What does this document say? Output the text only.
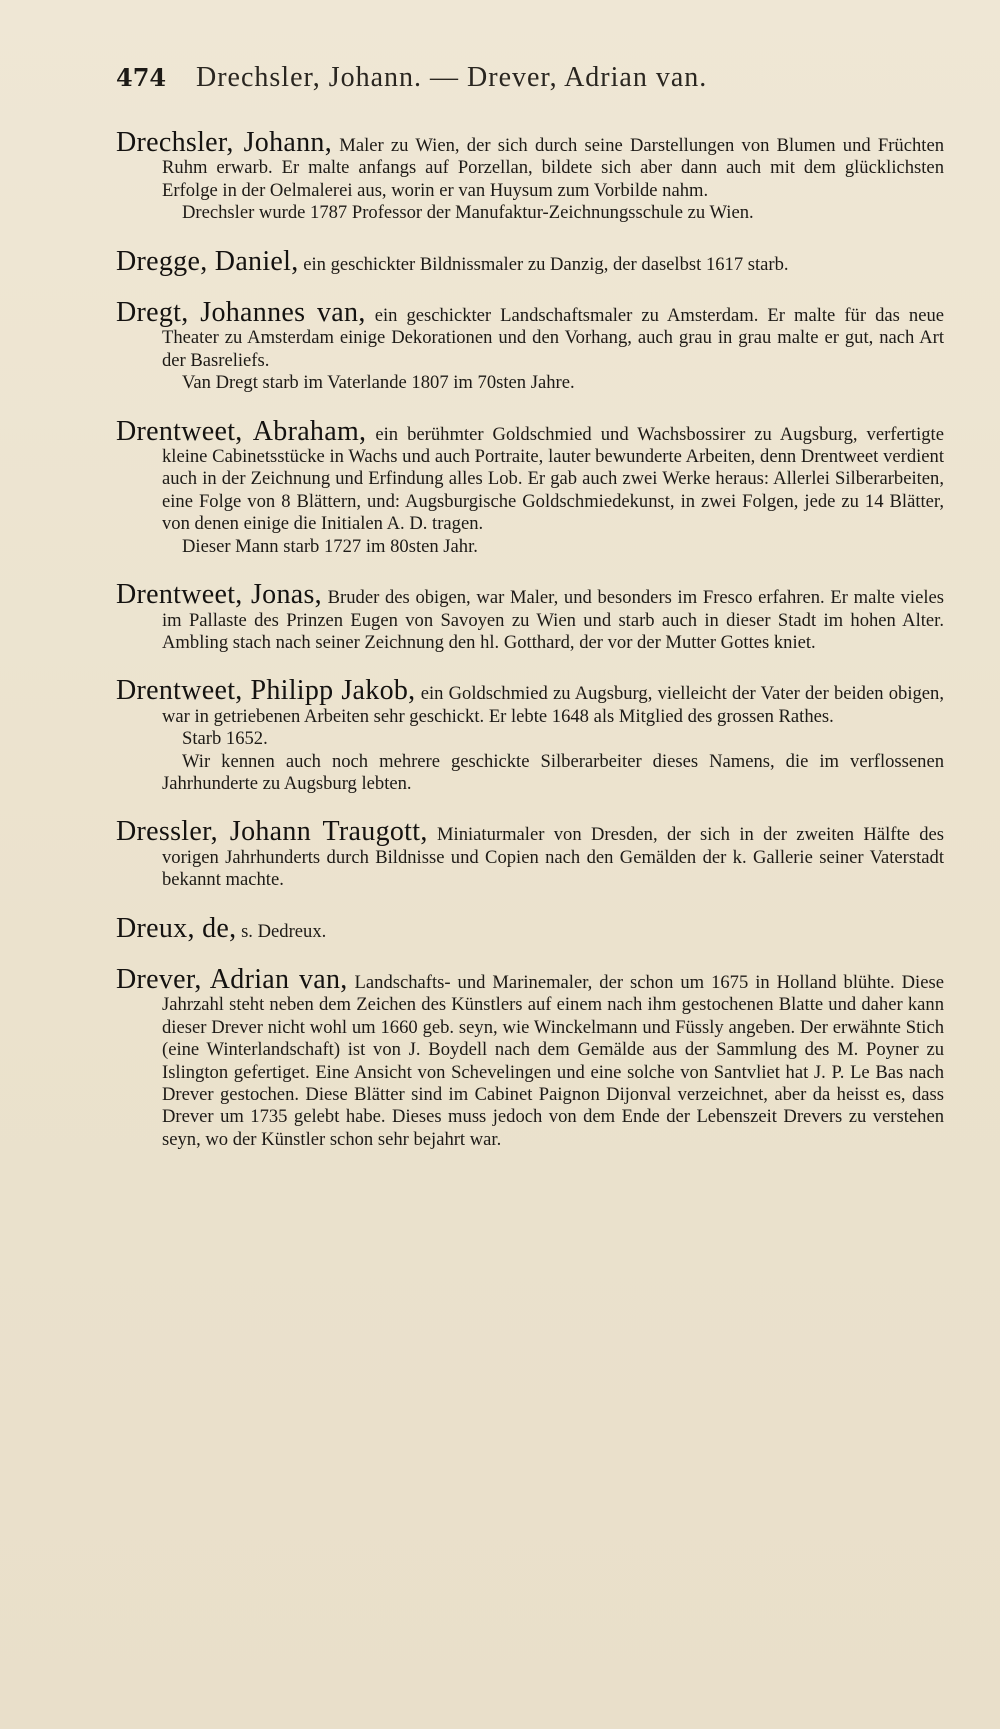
474	Drechsler, Johann. — Drever, Adrian van.

Drechsler, Johann, Maler zu Wien, der sich durch seine Darstellungen von Blumen und Früchten Ruhm erwarb. Er malte anfangs auf Porzellan, bildete sich aber dann auch mit dem glücklichsten Erfolge in der Oelmalerei aus, worin er van Huysum zum Vorbilde nahm.

Drechsler wurde 1787 Professor der Manufaktur-Zeichnungsschule zu Wien.

Dregge, Daniel, ein geschickter Bildnissmaler zu Danzig, der daselbst 1617 starb.

Dregt, Johannes van, ein geschickter Landschaftsmaler zu Amsterdam. Er malte für das neue Theater zu Amsterdam einige Dekorationen und den Vorhang, auch grau in grau malte er gut, nach Art der Basreliefs.

Van Dregt starb im Vaterlande 1807 im 70sten Jahre.

Drentweet, Abraham, ein berühmter Goldschmied und Wachsbossirer zu Augsburg, verfertigte kleine Cabinetsstücke in Wachs und auch Portraite, lauter bewunderte Arbeiten, denn Drentweet verdient auch in der Zeichnung und Erfindung alles Lob. Er gab auch zwei Werke heraus: Allerlei Silberarbeiten, eine Folge von 8 Blättern, und: Augsburgische Goldschmiedekunst, in zwei Folgen, jede zu 14 Blätter, von denen einige die Initialen A. D. tragen.

Dieser Mann starb 1727 im 80sten Jahr.

Drentweet, Jonas, Bruder des obigen, war Maler, und besonders im Fresco erfahren. Er malte vieles im Pallaste des Prinzen Eugen von Savoyen zu Wien und starb auch in dieser Stadt im hohen Alter. Ambling stach nach seiner Zeichnung den hl. Gotthard, der vor der Mutter Gottes kniet.

Drentweet, Philipp Jakob, ein Goldschmied zu Augsburg, vielleicht der Vater der beiden obigen, war in getriebenen Arbeiten sehr geschickt. Er lebte 1648 als Mitglied des grossen Rathes.

Starb 1652.

Wir kennen auch noch mehrere geschickte Silberarbeiter dieses Namens, die im verflossenen Jahrhunderte zu Augsburg lebten.

Dressler, Johann Traugott, Miniaturmaler von Dresden, der sich in der zweiten Hälfte des vorigen Jahrhunderts durch Bildnisse und Copien nach den Gemälden der k. Gallerie seiner Vaterstadt bekannt machte.

Dreux, de, s. Dedreux.

Drever, Adrian van, Landschafts- und Marinemaler, der schon um 1675 in Holland blühte. Diese Jahrzahl steht neben dem Zeichen des Künstlers auf einem nach ihm gestochenen Blatte und daher kann dieser Drever nicht wohl um 1660 geb. seyn, wie Winckelmann und Füssly angeben. Der erwähnte Stich (eine Winterlandschaft) ist von J. Boydell nach dem Gemälde aus der Sammlung des M. Poyner zu Islington gefertiget. Eine Ansicht von Schevelingen und eine solche von Santvliet hat J. P. Le Bas nach Drever gestochen. Diese Blätter sind im Cabinet Paignon Dijonval verzeichnet, aber da heisst es, dass Drever um 1735 gelebt habe. Dieses muss jedoch von dem Ende der Lebenszeit Drevers zu verstehen seyn, wo der Künstler schon sehr bejahrt war.
